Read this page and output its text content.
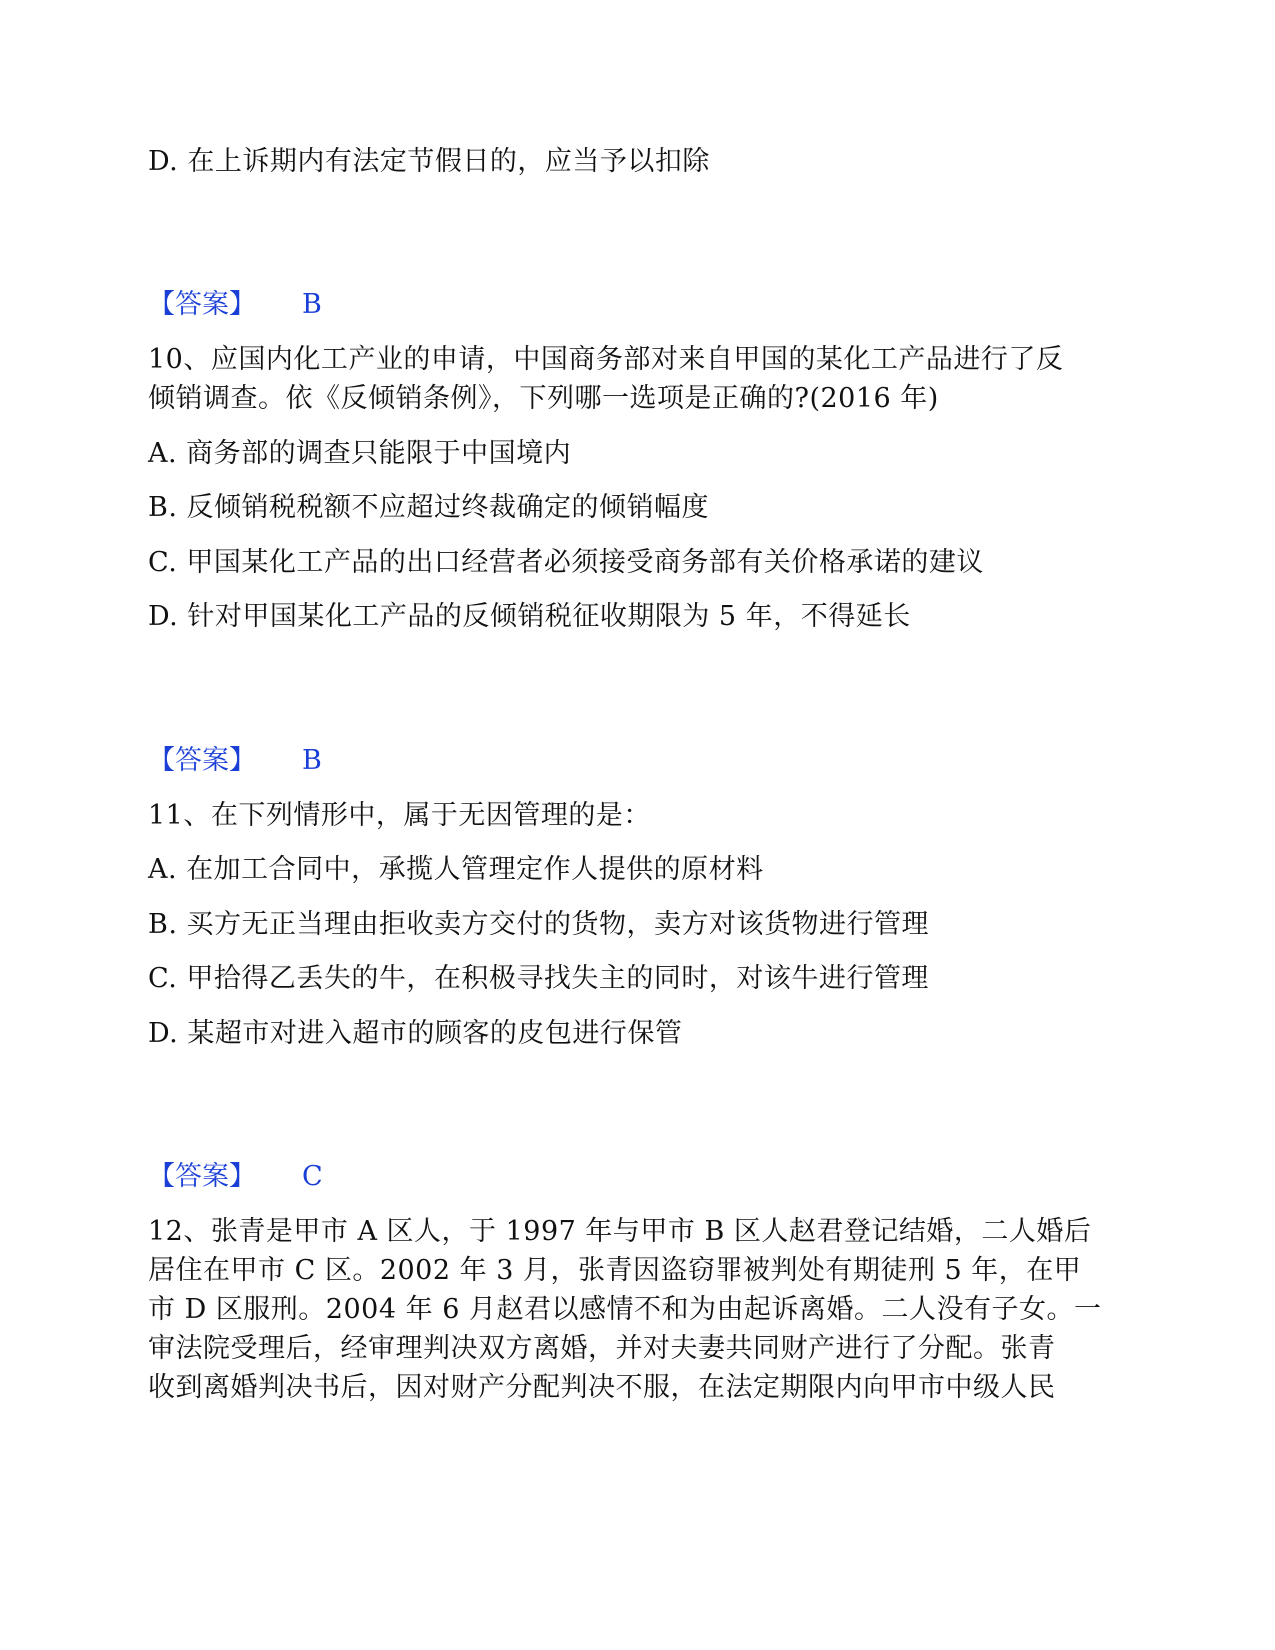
D. 在上诉期内有法定节假日的，应当予以扣除
【答案】 B
10、应国内化工产业的申请，中国商务部对来自甲国的某化工产品进行了反
倾销调查。依《反倾销条例》，下列哪一选项是正确的?(2016 年)
A. 商务部的调查只能限于中国境内
B. 反倾销税税额不应超过终裁确定的倾销幅度
C. 甲国某化工产品的出口经营者必须接受商务部有关价格承诺的建议
D. 针对甲国某化工产品的反倾销税征收期限为 5 年，不得延长
【答案】 B
11、在下列情形中，属于无因管理的是：
A. 在加工合同中，承揽人管理定作人提供的原材料
B. 买方无正当理由拒收卖方交付的货物，卖方对该货物进行管理
C. 甲拾得乙丢失的牛，在积极寻找失主的同时，对该牛进行管理
D. 某超市对进入超市的顾客的皮包进行保管
【答案】 C
12、张青是甲市 A 区人，于 1997 年与甲市 B 区人赵君登记结婚，二人婚后
居住在甲市 C 区。2002 年 3 月，张青因盗窃罪被判处有期徒刑 5 年，在甲
市 D 区服刑。2004 年 6 月赵君以感情不和为由起诉离婚。二人没有子女。一
审法院受理后，经审理判决双方离婚，并对夫妻共同财产进行了分配。张青
收到离婚判决书后，因对财产分配判决不服，在法定期限内向甲市中级人民
